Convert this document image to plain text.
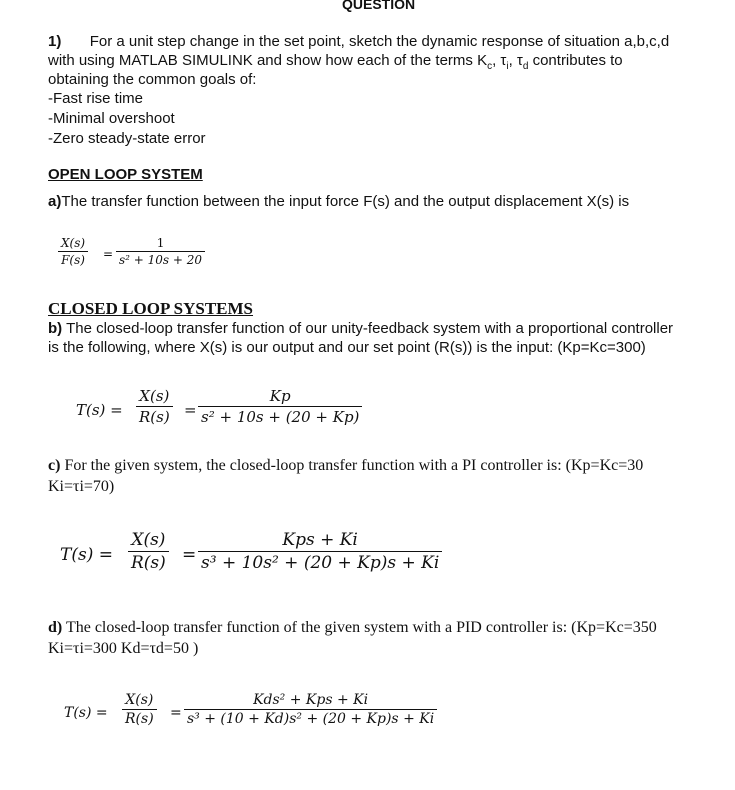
QUESTION
1) For a unit step change in the set point, sketch the dynamic response of situation a,b,c,d
with using MATLAB SIMULINK and show how each of the terms $K_c$, $\tau_i$, $\tau_d$ contributes to
obtaining the common goals of:
-Fast rise time
-Minimal overshoot
-Zero steady-state error
OPEN LOOP SYSTEM
a)The transfer function between the input force F(s) and the output displacement X(s) is
$\frac{X(s)}{F(s)} = \frac{1}{\text{s² + 10s + 20}}$
CLOSED LOOP SYSTEMS
b) The closed-loop transfer function of our unity-feedback system with a proportional controller
is the following, where X(s) is our output and our set point (R(s)) is the input: (Kp=Kc=300)
$T(s) = \frac{X(s)}{R(s)} = \frac{Kp}{\text{s² + 10s + (20 + Kp)}}$
c) For the given system, the closed-loop transfer function with a PI controller is: (Kp=Kc=30
Ki=τi=70)
$T(s) = \frac{X(s)}{R(s)}$ =
Kps + Ki
s³ + 10s² + (20 + Kp)s + Ki
d) The closed-loop transfer function of the given system with a PID controller is: (Kp=Kc=350
Ki=τi=300 Kd=τd=50 )
$T(s) = \frac{X(s)}{R(s)}$ =
Kds² + Kps + Ki
s³ + (10 + Kd)s² + (20 + Kp)s + Ki
